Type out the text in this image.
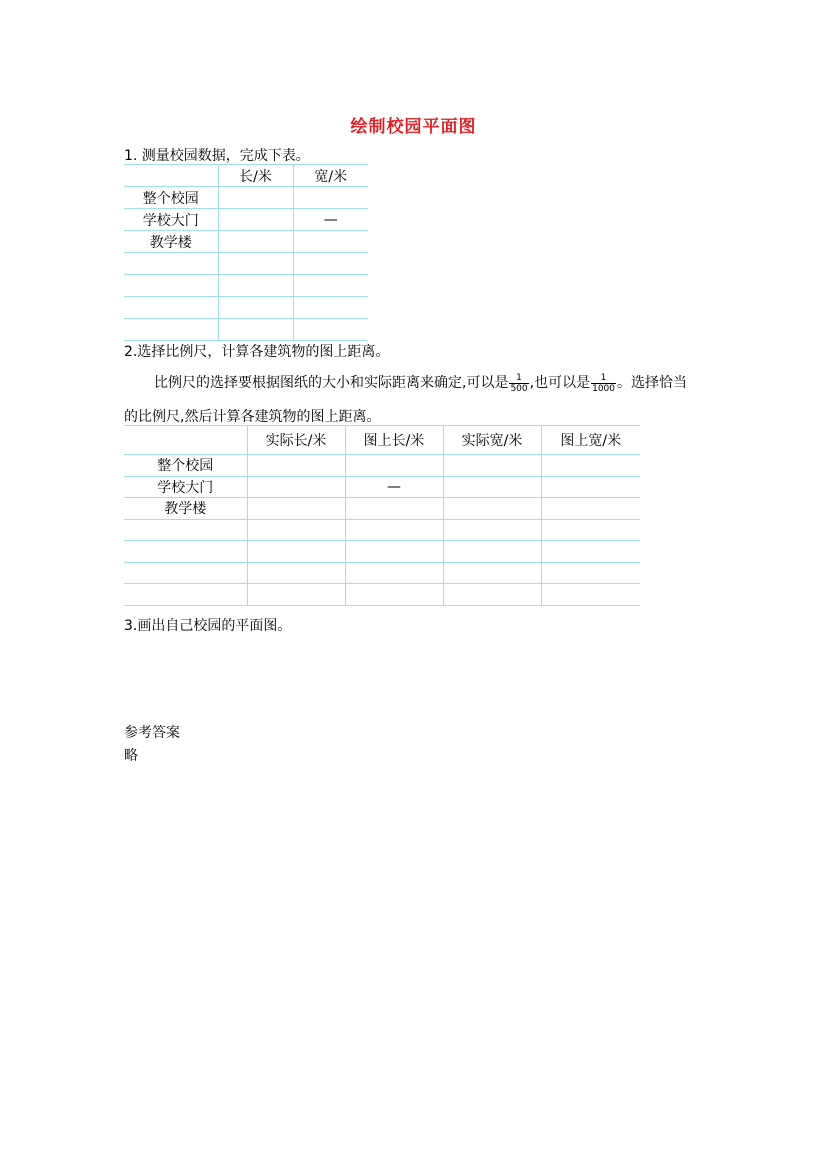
绘制校园平面图
1. 测量校园数据，完成下表。
	长/米	宽/米
整个校园		
学校大门		—
教学楼		

2.选择比例尺，计算各建筑物的图上距离。
比例尺的选择要根据图纸的大小和实际距离来确定,可以是 $\frac{1}{500}$ ,也可以是 $\frac{1}{1000}$ 。选择恰当
的比例尺,然后计算各建筑物的图上距离。
	实际长/米	图上长/米	实际宽/米	图上宽/米
整个校园				
学校大门		—		
教学楼				

3.画出自己校园的平面图。
参考答案
略
